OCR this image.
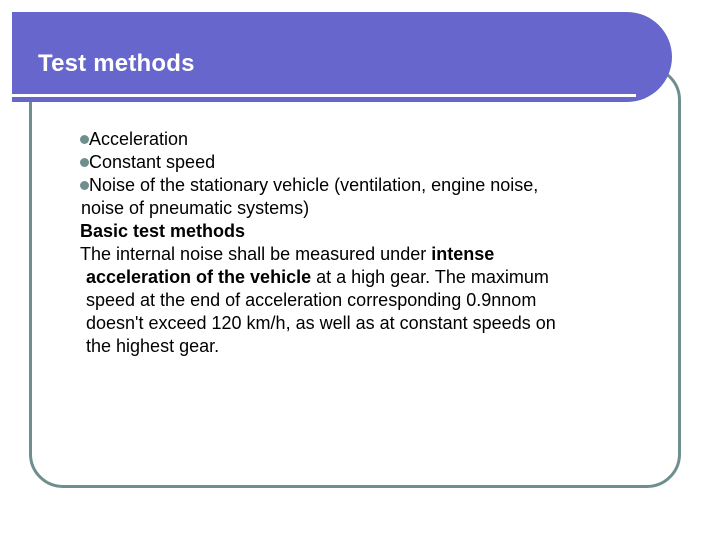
Test methods
Acceleration
Constant speed
Noise of the stationary vehicle (ventilation, engine noise,
noise of pneumatic systems)
Basic test methods
The internal noise shall be measured under intense
acceleration of the vehicle at a high gear. The maximum
speed at the end of acceleration corresponding 0.9nnom
doesn't exceed 120 km/h, as well as at constant speeds on
the highest gear.
